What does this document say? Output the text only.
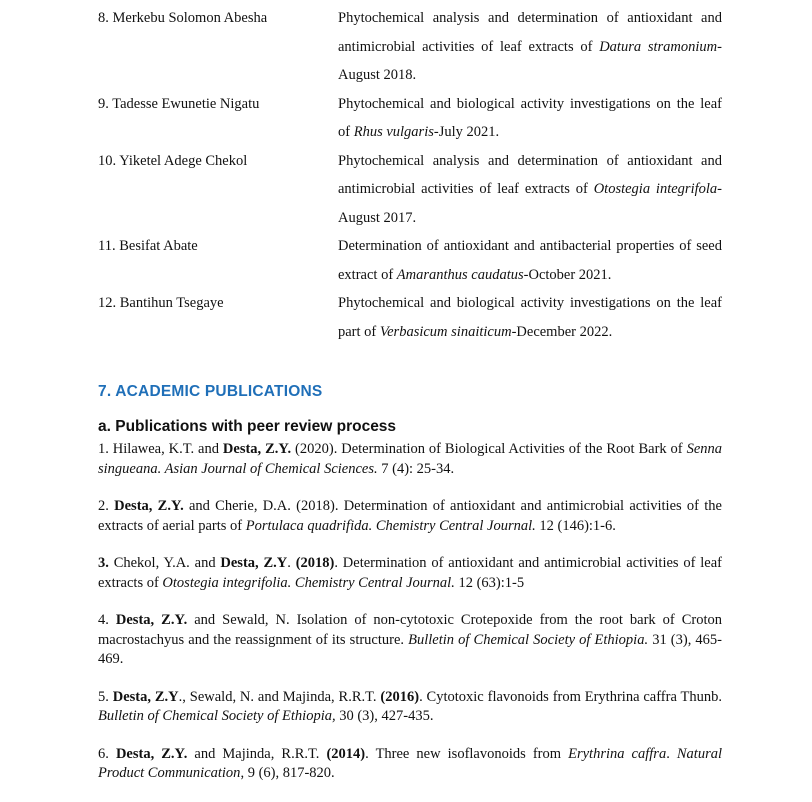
8. Merkebu Solomon Abesha	Phytochemical analysis and determination of antioxidant and antimicrobial activities of leaf extracts of Datura stramonium-August 2018.
9. Tadesse Ewunetie Nigatu	Phytochemical and biological activity investigations on the leaf of Rhus vulgaris-July 2021.
10. Yiketel Adege Chekol	Phytochemical analysis and determination of antioxidant and antimicrobial activities of leaf extracts of Otostegia integrifola-August 2017.
11. Besifat Abate	Determination of antioxidant and antibacterial properties of seed extract of Amaranthus caudatus-October 2021.
12. Bantihun Tsegaye	Phytochemical and biological activity investigations on the leaf part of Verbasicum sinaiticum-December 2022.
7. ACADEMIC PUBLICATIONS
a. Publications with peer review process

1. Hilawea, K.T. and Desta, Z.Y. (2020). Determination of Biological Activities of the Root Bark of Senna singueana. Asian Journal of Chemical Sciences. 7 (4): 25-34.

2. Desta, Z.Y. and Cherie, D.A. (2018). Determination of antioxidant and antimicrobial activities of the extracts of aerial parts of Portulaca quadrifida. Chemistry Central Journal. 12 (146):1-6.

3. Chekol, Y.A. and Desta, Z.Y. (2018). Determination of antioxidant and antimicrobial activities of leaf extracts of Otostegia integrifolia. Chemistry Central Journal. 12 (63):1-5

4. Desta, Z.Y. and Sewald, N. Isolation of non-cytotoxic Crotepoxide from the root bark of Croton macrostachyus and the reassignment of its structure. Bulletin of Chemical Society of Ethiopia. 31 (3), 465-469.

5. Desta, Z.Y., Sewald, N. and Majinda, R.R.T. (2016). Cytotoxic flavonoids from Erythrina caffra Thunb. Bulletin of Chemical Society of Ethiopia, 30 (3), 427-435.

6. Desta, Z.Y. and Majinda, R.R.T. (2014). Three new isoflavonoids from Erythrina caffra. Natural Product Communication, 9 (6), 817-820.
